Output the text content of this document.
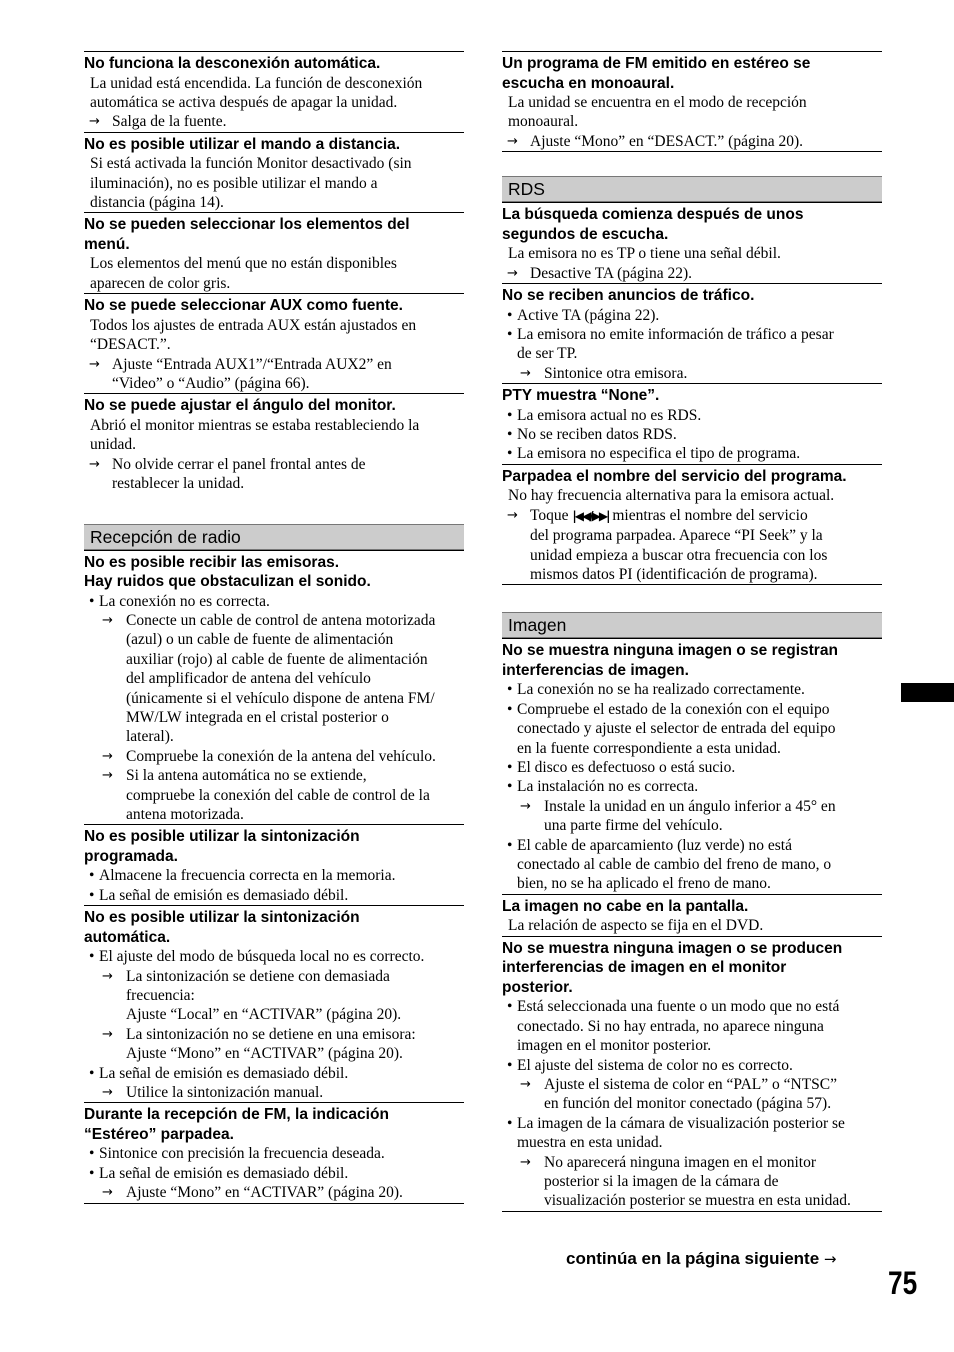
No funciona la desconexión automática.
La unidad está encendida. La función de desconexión
automática se activa después de apagar la unidad.
→ Salga de la fuente.
No es posible utilizar el mando a distancia.
Si está activada la función Monitor desactivado (sin
iluminación), no es posible utilizar el mando a
distancia (página 14).
No se pueden seleccionar los elementos del
menú.
Los elementos del menú que no están disponibles
aparecen de color gris.
No se puede seleccionar AUX como fuente.
Todos los ajustes de entrada AUX están ajustados en
“DESACT.”.
→ Ajuste “Entrada AUX1”/“Entrada AUX2” en
“Video” o “Audio” (página 66).
No se puede ajustar el ángulo del monitor.
Abrió el monitor mientras se estaba restableciendo la
unidad.
→ No olvide cerrar el panel frontal antes de
restablecer la unidad.
Recepción de radio
No es posible recibir las emisoras.
Hay ruidos que obstaculizan el sonido.
• La conexión no es correcta.
→ Conecte un cable de control de antena motorizada
(azul) o un cable de fuente de alimentación
auxiliar (rojo) al cable de fuente de alimentación
del amplificador de antena del vehículo
(únicamente si el vehículo dispone de antena FM/
MW/LW integrada en el cristal posterior o
lateral).
→ Compruebe la conexión de la antena del vehículo.
→ Si la antena automática no se extiende,
compruebe la conexión del cable de control de la
antena motorizada.
No es posible utilizar la sintonización
programada.
• Almacene la frecuencia correcta en la memoria.
• La señal de emisión es demasiado débil.
No es posible utilizar la sintonización
automática.
• El ajuste del modo de búsqueda local no es correcto.
→ La sintonización se detiene con demasiada
frecuencia:
Ajuste “Local” en “ACTIVAR” (página 20).
→ La sintonización no se detiene en una emisora:
Ajuste “Mono” en “ACTIVAR” (página 20).
• La señal de emisión es demasiado débil.
→ Utilice la sintonización manual.
Durante la recepción de FM, la indicación
“Estéreo” parpadea.
• Sintonice con precisión la frecuencia deseada.
• La señal de emisión es demasiado débil.
→ Ajuste “Mono” en “ACTIVAR” (página 20).
Un programa de FM emitido en estéreo se
escucha en monoaural.
La unidad se encuentra en el modo de recepción
monoaural.
→ Ajuste “Mono” en “DESACT.” (página 20).
RDS
La búsqueda comienza después de unos
segundos de escucha.
La emisora no es TP o tiene una señal débil.
→ Desactive TA (página 22).
No se reciben anuncios de tráfico.
• Active TA (página 22).
• La emisora no emite información de tráfico a pesar
de ser TP.
→ Sintonice otra emisora.
PTY muestra “None”.
• La emisora actual no es RDS.
• No se reciben datos RDS.
• La emisora no especifica el tipo de programa.
Parpadea el nombre del servicio del programa.
No hay frecuencia alternativa para la emisora actual.
→ Toque |◀◀/▶▶| mientras el nombre del servicio
del programa parpadea. Aparece “PI Seek” y la
unidad empieza a buscar otra frecuencia con los
mismos datos PI (identificación de programa).
Imagen
No se muestra ninguna imagen o se registran
interferencias de imagen.
• La conexión no se ha realizado correctamente.
• Compruebe el estado de la conexión con el equipo
conectado y ajuste el selector de entrada del equipo
en la fuente correspondiente a esta unidad.
• El disco es defectuoso o está sucio.
• La instalación no es correcta.
→ Instale la unidad en un ángulo inferior a 45° en
una parte firme del vehículo.
• El cable de aparcamiento (luz verde) no está
conectado al cable de cambio del freno de mano, o
bien, no se ha aplicado el freno de mano.
La imagen no cabe en la pantalla.
La relación de aspecto se fija en el DVD.
No se muestra ninguna imagen o se producen
interferencias de imagen en el monitor
posterior.
• Está seleccionada una fuente o un modo que no está
conectado. Si no hay entrada, no aparece ninguna
imagen en el monitor posterior.
• El ajuste del sistema de color no es correcto.
→ Ajuste el sistema de color en “PAL” o “NTSC”
en función del monitor conectado (página 57).
• La imagen de la cámara de visualización posterior se
muestra en esta unidad.
→ No aparecerá ninguna imagen en el monitor
posterior si la imagen de la cámara de
visualización posterior se muestra en esta unidad.
continúa en la página siguiente →
75
